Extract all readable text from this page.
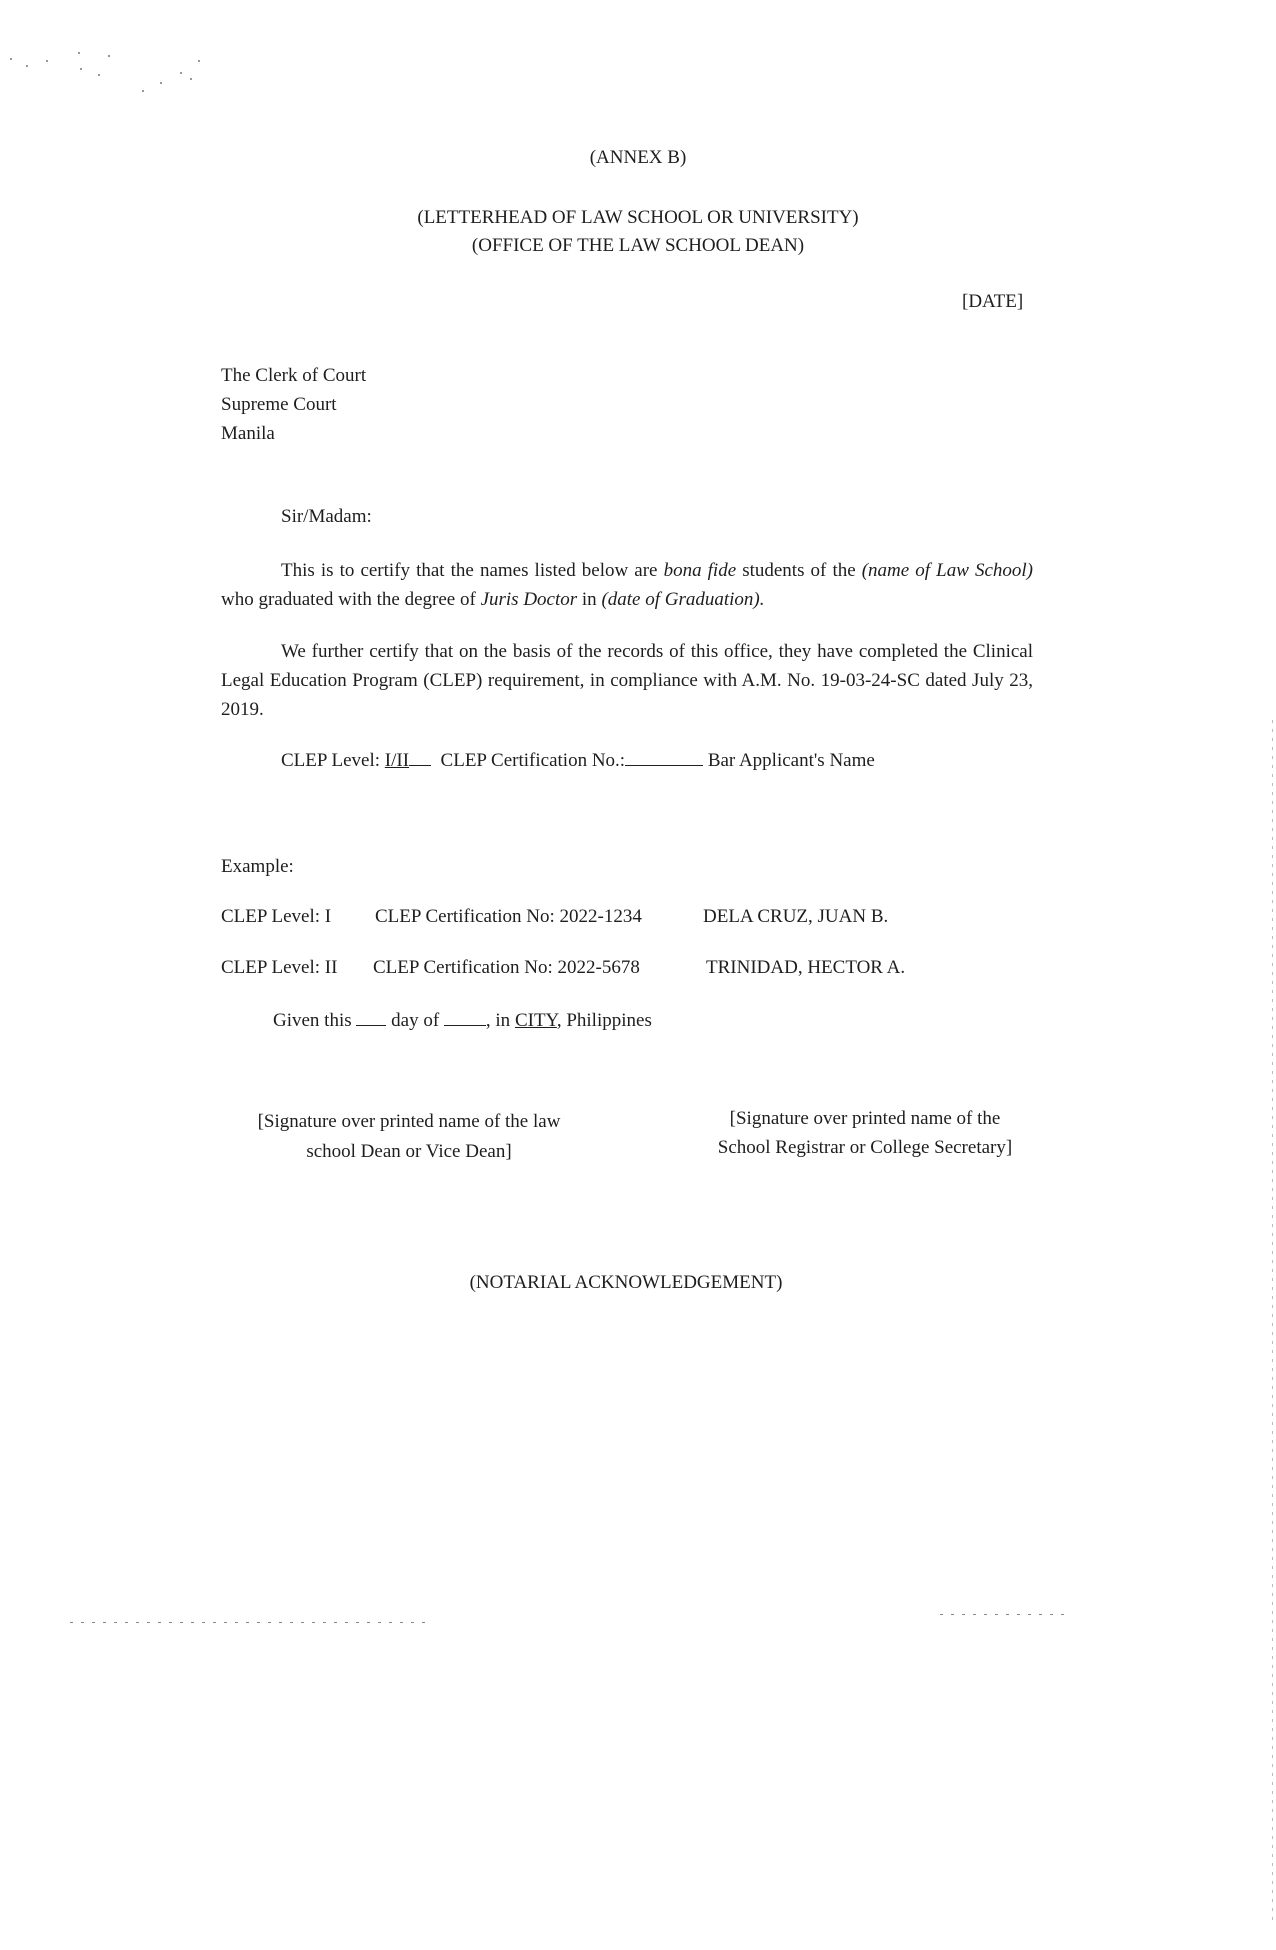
(ANNEX B)
(LETTERHEAD OF LAW SCHOOL OR UNIVERSITY)
(OFFICE OF THE LAW SCHOOL DEAN)
[DATE]
The Clerk of Court
Supreme Court
Manila
Sir/Madam:
This is to certify that the names listed below are bona fide students of the (name of Law School) who graduated with the degree of Juris Doctor in (date of Graduation).
We further certify that on the basis of the records of this office, they have completed the Clinical Legal Education Program (CLEP) requirement, in compliance with A.M. No. 19-03-24-SC dated July 23, 2019.
CLEP Level: I/II CLEP Certification No.:	Bar Applicant's Name
Example:
CLEP Level: I CLEP Certification No: 2022-1234	DELA CRUZ, JUAN B.
CLEP Level: II CLEP Certification No: 2022-5678	TRINIDAD, HECTOR A.
Given this  day of , in CITY, Philippines
[Signature over printed name of the law
school Dean or Vice Dean]
[Signature over printed name of the
School Registrar or College Secretary]
(NOTARIAL ACKNOWLEDGEMENT)
